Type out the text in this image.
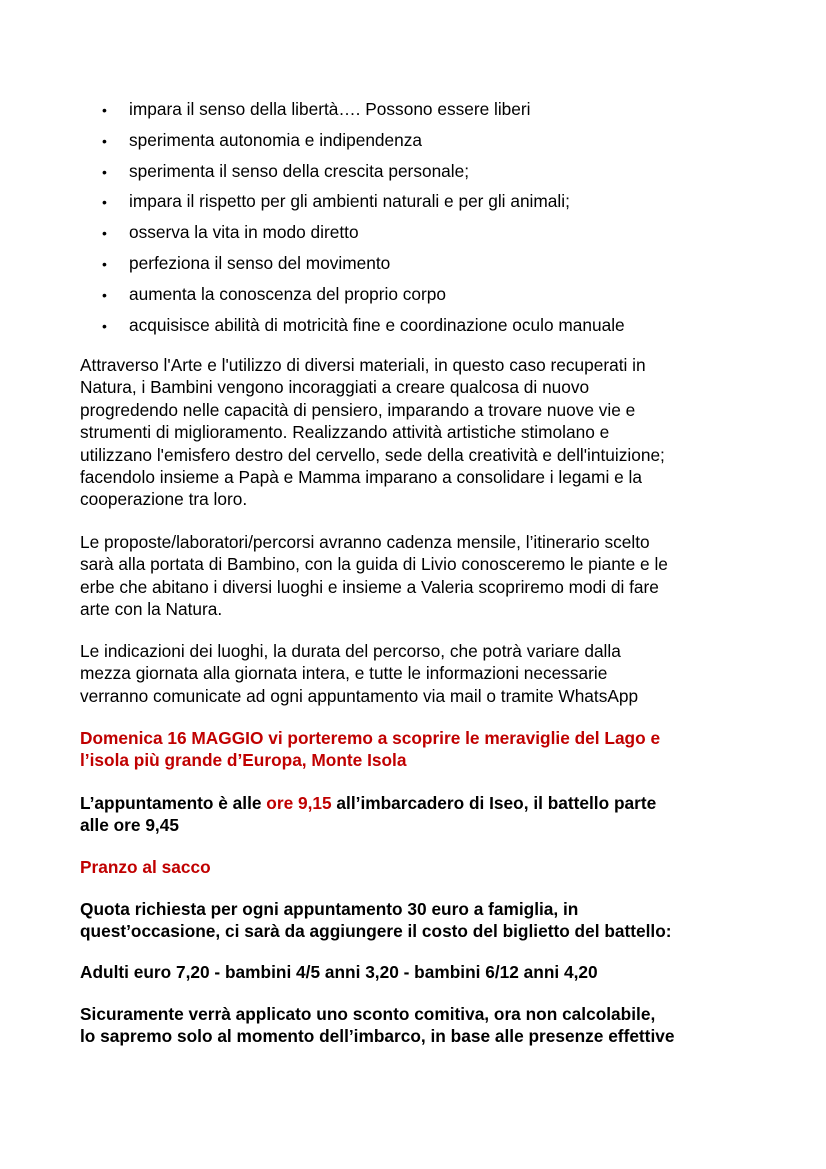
• impara il senso della libertà…. Possono essere liberi
• sperimenta autonomia e indipendenza
• sperimenta il senso della crescita personale;
• impara il rispetto per gli ambienti naturali e per gli animali;
• osserva la vita in modo diretto
• perfeziona il senso del movimento
• aumenta la conoscenza del proprio corpo
• acquisisce abilità di motricità fine e coordinazione oculo manuale

Attraverso l'Arte e l'utilizzo di diversi materiali, in questo caso recuperati in
Natura, i Bambini vengono incoraggiati a creare qualcosa di nuovo
progredendo nelle capacità di pensiero, imparando a trovare nuove vie e
strumenti di miglioramento. Realizzando attività artistiche stimolano e
utilizzano l'emisfero destro del cervello, sede della creatività e dell'intuizione;
facendolo insieme a Papà e Mamma imparano a consolidare i legami e la
cooperazione tra loro.

Le proposte/laboratori/percorsi avranno cadenza mensile, l’itinerario scelto
sarà alla portata di Bambino, con la guida di Livio conosceremo le piante e le
erbe che abitano i diversi luoghi e insieme a Valeria scopriremo modi di fare
arte con la Natura.

Le indicazioni dei luoghi, la durata del percorso, che potrà variare dalla
mezza giornata alla giornata intera, e tutte le informazioni necessarie
verranno comunicate ad ogni appuntamento via mail o tramite WhatsApp

Domenica 16 MAGGIO vi porteremo a scoprire le meraviglie del Lago e
l’isola più grande d’Europa, Monte Isola

L’appuntamento è alle ore 9,15 all’imbarcadero di Iseo, il battello parte
alle ore 9,45

Pranzo al sacco

Quota richiesta per ogni appuntamento 30 euro a famiglia, in
quest’occasione, ci sarà da aggiungere il costo del biglietto del battello:

Adulti euro 7,20 - bambini 4/5 anni 3,20 - bambini 6/12 anni 4,20

Sicuramente verrà applicato uno sconto comitiva, ora non calcolabile,
lo sapremo solo al momento dell’imbarco, in base alle presenze effettive
